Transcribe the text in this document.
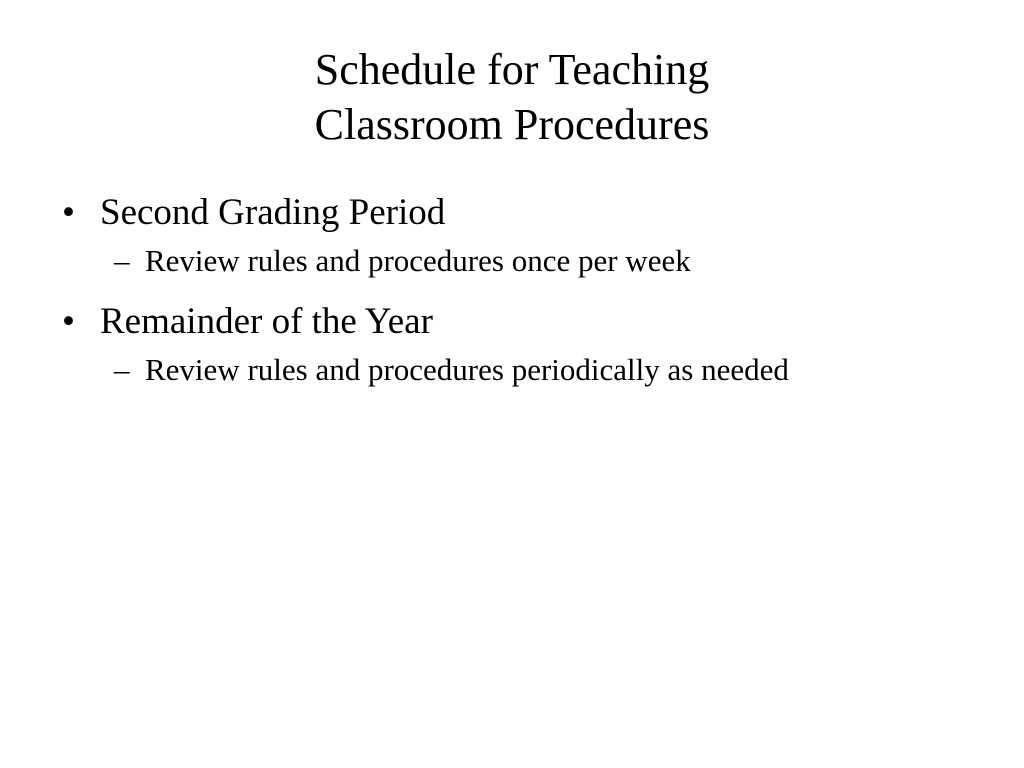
Schedule for Teaching
Classroom Procedures
• Second Grading Period
– Review rules and procedures once per week
• Remainder of the Year
– Review rules and procedures periodically as needed
